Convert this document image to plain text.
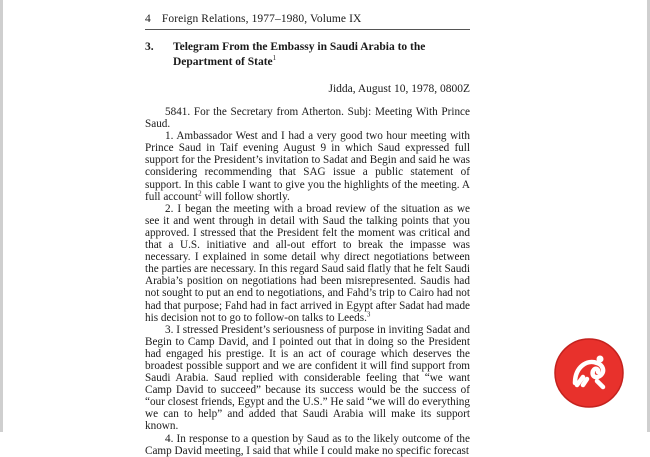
4 Foreign Relations, 1977–1980, Volume IX
3. Telegram From the Embassy in Saudi Arabia to the Department of State$^1$
Jidda, August 10, 1978, 0800Z

5841. For the Secretary from Atherton. Subj: Meeting With Prince Saud.

1. Ambassador West and I had a very good two hour meeting with Prince Saud in Taif evening August 9 in which Saud expressed full support for the President’s invitation to Sadat and Begin and said he was considering recommending that SAG issue a public statement of support. In this cable I want to give you the highlights of the meeting. A full account$^2$ will follow shortly.

2. I began the meeting with a broad review of the situation as we see it and went through in detail with Saud the talking points that you approved. I stressed that the President felt the moment was critical and that a U.S. initiative and all-out effort to break the impasse was necessary. I explained in some detail why direct negotiations between the parties are necessary. In this regard Saud said flatly that he felt Saudi Arabia’s position on negotiations had been misrepresented. Saudis had not sought to put an end to negotiations, and Fahd’s trip to Cairo had not had that purpose; Fahd had in fact arrived in Egypt after Sadat had made his decision not to go to follow-on talks to Leeds.$^3$

3. I stressed President’s seriousness of purpose in inviting Sadat and Begin to Camp David, and I pointed out that in doing so the President had engaged his prestige. It is an act of courage which deserves the broadest possible support and we are confident it will find support from Saudi Arabia. Saud replied with considerable feeling that “we want Camp David to succeed” because its success would be the success of “our closest friends, Egypt and the U.S.” He said “we will do everything we can to help” and added that Saudi Arabia will make its support known.

4. In response to a question by Saud as to the likely outcome of the Camp David meeting, I said that while I could make no specific forecast
